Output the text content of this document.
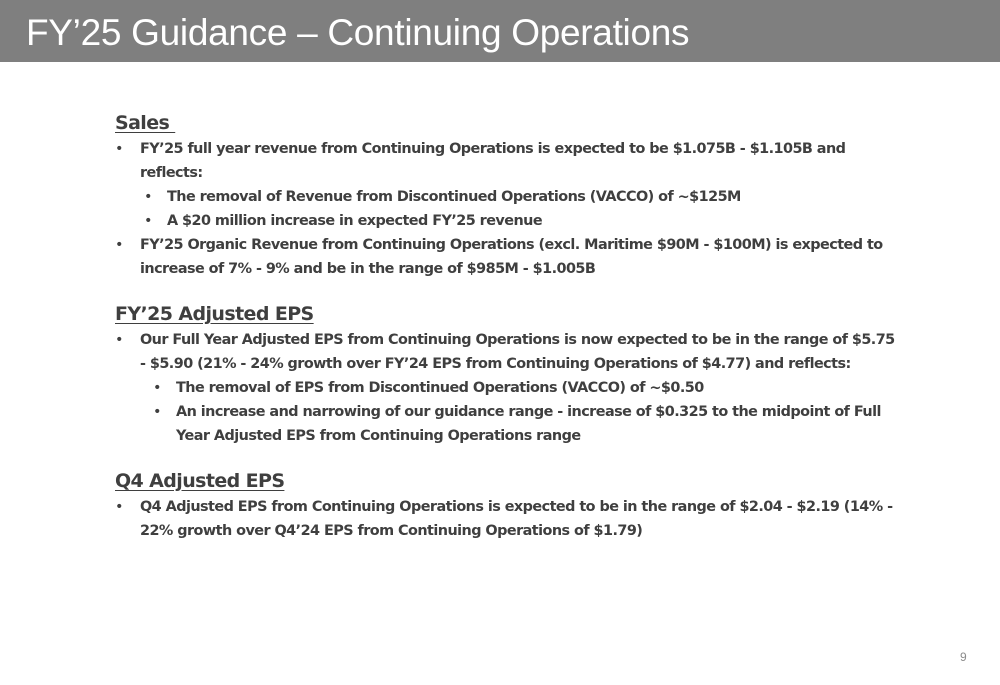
FY’25 Guidance – Continuing Operations
Sales
• FY’25 full year revenue from Continuing Operations is expected to be $1.075B - $1.105B and reflects:
• The removal of Revenue from Discontinued Operations (VACCO) of ~$125M
• A $20 million increase in expected FY’25 revenue
• FY’25 Organic Revenue from Continuing Operations (excl. Maritime $90M - $100M) is expected to increase of 7% - 9% and be in the range of $985M - $1.005B
FY’25 Adjusted EPS
• Our Full Year Adjusted EPS from Continuing Operations is now expected to be in the range of $5.75 - $5.90 (21% - 24% growth over FY’24 EPS from Continuing Operations of $4.77) and reflects:
• The removal of EPS from Discontinued Operations (VACCO) of ~$0.50
• An increase and narrowing of our guidance range - increase of $0.325 to the midpoint of Full Year Adjusted EPS from Continuing Operations range
Q4 Adjusted EPS
• Q4 Adjusted EPS from Continuing Operations is expected to be in the range of $2.04 - $2.19 (14% - 22% growth over Q4’24 EPS from Continuing Operations of $1.79)
9
